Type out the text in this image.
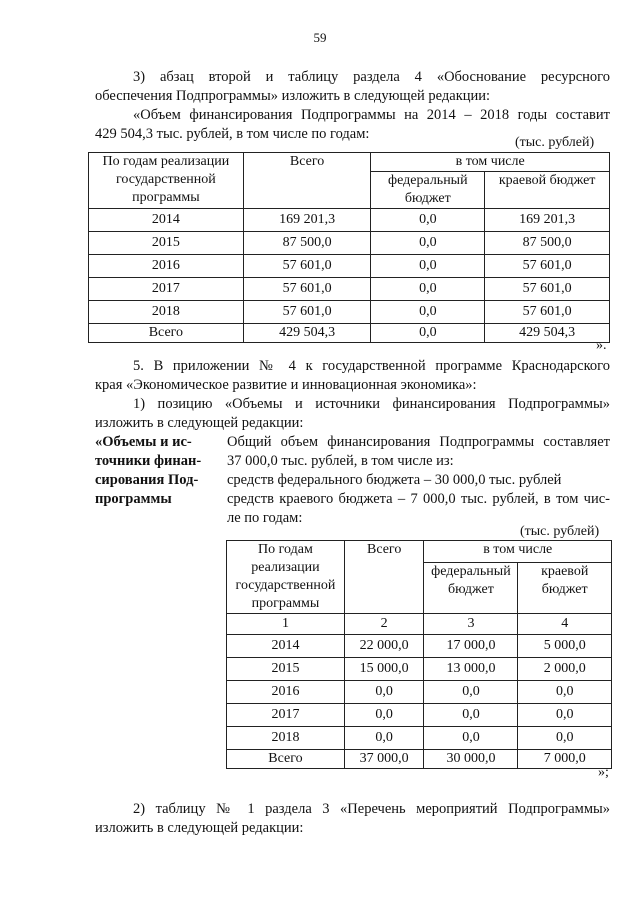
59
3) абзац второй и таблицу раздела 4 «Обоснование ресурсного
обеспечения Подпрограммы» изложить в следующей редакции:
«Объем финансирования Подпрограммы на 2014 – 2018 годы составит
429 504,3 тыс. рублей, в том числе по годам:
(тыс. рублей)
По годам реализации государственной программы	Всего	в том числе	
		федеральный бюджет	краевой бюджет
2014	169 201,3	0,0	169 201,3
2015	87 500,0	0,0	87 500,0
2016	57 601,0	0,0	57 601,0
2017	57 601,0	0,0	57 601,0
2018	57 601,0	0,0	57 601,0
Всего	429 504,3	0,0	429 504,3
».
5. В приложении № 4 к государственной программе Краснодарского
края «Экономическое развитие и инновационная экономика»:
1) позицию «Объемы и источники финансирования Подпрограммы»
изложить в следующей редакции:
«Объемы и ис-
точники финан-
сирования Под-
программы
Общий объем финансирования Подпрограммы составляет
37 000,0 тыс. рублей, в том числе из:
средств федерального бюджета – 30 000,0 тыс. рублей
средств краевого бюджета – 7 000,0 тыс. рублей, в том чис-
ле по годам:
(тыс. рублей)
По годам реализации государственной программы	Всего	в том числе	
		федеральный бюджет	краевой бюджет
1	2	3	4
2014	22 000,0	17 000,0	5 000,0
2015	15 000,0	13 000,0	2 000,0
2016	0,0	0,0	0,0
2017	0,0	0,0	0,0
2018	0,0	0,0	0,0
Всего	37 000,0	30 000,0	7 000,0
»;
2) таблицу № 1 раздела 3 «Перечень мероприятий Подпрограммы»
изложить в следующей редакции:
